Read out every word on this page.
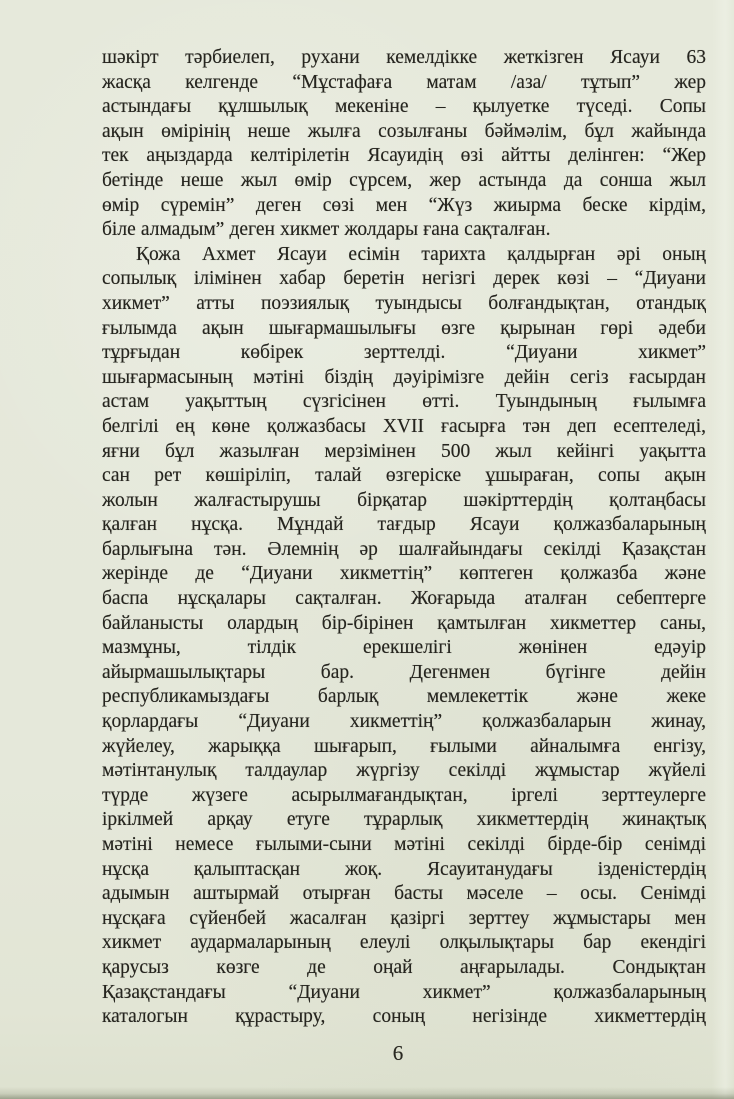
шәкірт тәрбиелеп, рухани кемелдікке жеткізген Ясауи 63
жасқа келгенде “Мұстафаға матам /аза/ тұтып” жер
астындағы құлшылық мекеніне – қылуетке түседі. Сопы
ақын өмірінің неше жылға созылғаны бәймәлім, бұл жайында
тек аңыздарда келтірілетін Ясауидің өзі айтты делінген: “Жер
бетінде неше жыл өмір сүрсем, жер астында да сонша жыл
өмір сүремін” деген сөзі мен “Жүз жиырма беске кірдім,
біле алмадым” деген хикмет жолдары ғана сақталған.
Қожа Ахмет Ясауи есімін тарихта қалдырған әрі оның
сопылық ілімінен хабар беретін негізгі дерек көзі – “Диуани
хикмет” атты поэзиялық туындысы болғандықтан, отандық
ғылымда ақын шығармашылығы өзге қырынан гөрі әдеби
тұрғыдан көбірек зерттелді. “Диуани хикмет”
шығармасының мәтіні біздің дәуірімізге дейін сегіз ғасырдан
астам уақыттың сүзгісінен өтті. Туындының ғылымға
белгілі ең көне қолжазбасы XVII ғасырға тән деп есептеледі,
яғни бұл жазылған мерзімінен 500 жыл кейінгі уақытта
сан рет көшіріліп, талай өзгеріске ұшыраған, сопы ақын
жолын жалғастырушы бірқатар шәкірттердің қолтаңбасы
қалған нұсқа. Мұндай тағдыр Ясауи қолжазбаларының
барлығына тән. Әлемнің әр шалғайындағы секілді Қазақстан
жерінде де “Диуани хикметтің” көптеген қолжазба және
баспа нұсқалары сақталған. Жоғарыда аталған себептерге
байланысты олардың бір-бірінен қамтылған хикметтер саны,
мазмұны, тілдік ерекшелігі жөнінен едәуір
айырмашылықтары бар. Дегенмен бүгінге дейін
республикамыздағы барлық мемлекеттік және жеке
қорлардағы “Диуани хикметтің” қолжазбаларын жинау,
жүйелеу, жарыққа шығарып, ғылыми айналымға енгізу,
мәтінтанулық талдаулар жүргізу секілді жұмыстар жүйелі
түрде жүзеге асырылмағандықтан, іргелі зерттеулерге
іркілмей арқау етуге тұрарлық хикметтердің жинақтық
мәтіні немесе ғылыми-сыни мәтіні секілді бірде-бір сенімді
нұсқа қалыптасқан жоқ. Ясауитанудағы ізденістердің
адымын аштырмай отырған басты мәселе – осы. Сенімді
нұсқаға сүйенбей жасалған қазіргі зерттеу жұмыстары мен
хикмет аудармаларының елеулі олқылықтары бар екендігі
қарусыз көзге де оңай аңғарылады. Сондықтан
Қазақстандағы “Диуани хикмет” қолжазбаларының
каталогын құрастыру, соның негізінде хикметтердің
6
